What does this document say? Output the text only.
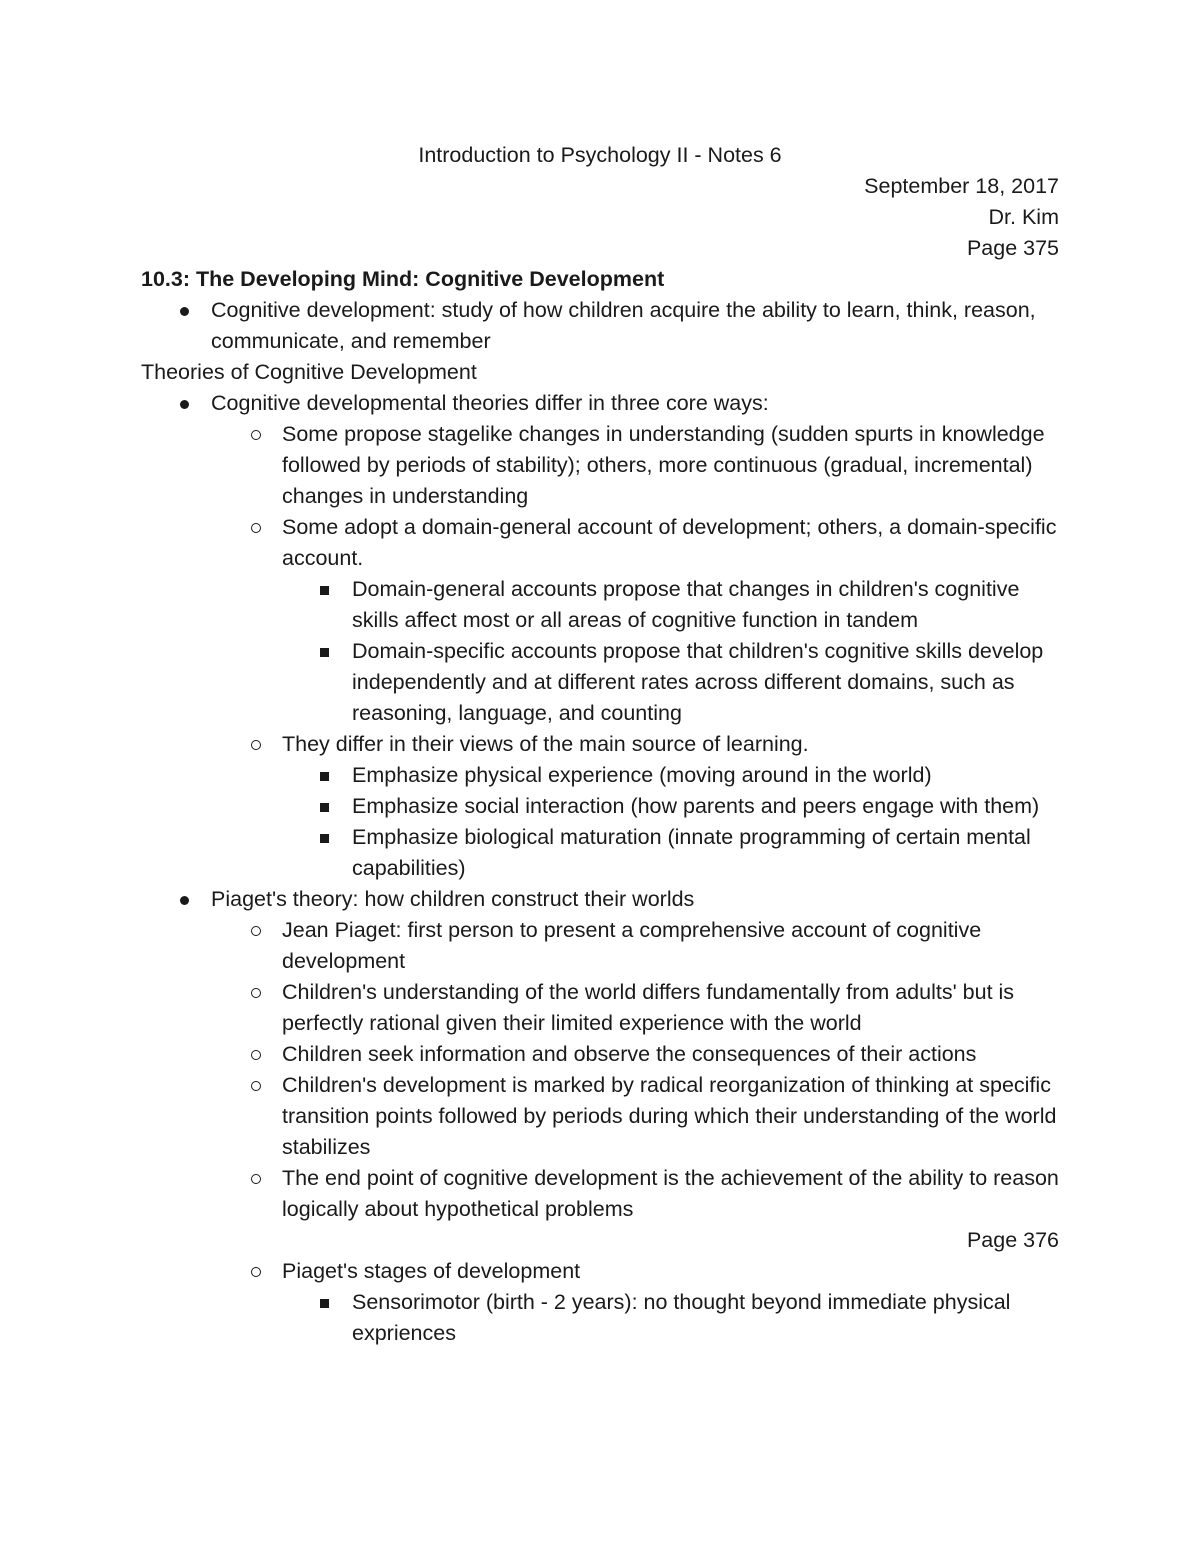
Introduction to Psychology II - Notes 6

September 18, 2017

Dr. Kim

Page 375

10.3: The Developing Mind: Cognitive Development

Cognitive development: study of how children acquire the ability to learn, think, reason, communicate, and remember

Theories of Cognitive Development

Cognitive developmental theories differ in three core ways:
Some propose stagelike changes in understanding (sudden spurts in knowledge followed by periods of stability); others, more continuous (gradual, incremental) changes in understanding
Some adopt a domain-general account of development; others, a domain-specific account.
Domain-general accounts propose that changes in children's cognitive skills affect most or all areas of cognitive function in tandem
Domain-specific accounts propose that children's cognitive skills develop independently and at different rates across different domains, such as reasoning, language, and counting
They differ in their views of the main source of learning.
Emphasize physical experience (moving around in the world)
Emphasize social interaction (how parents and peers engage with them)
Emphasize biological maturation (innate programming of certain mental capabilities)
Piaget's theory: how children construct their worlds
Jean Piaget: first person to present a comprehensive account of cognitive development
Children's understanding of the world differs fundamentally from adults' but is perfectly rational given their limited experience with the world
Children seek information and observe the consequences of their actions
Children's development is marked by radical reorganization of thinking at specific transition points followed by periods during which their understanding of the world stabilizes
The end point of cognitive development is the achievement of the ability to reason logically about hypothetical problems

Page 376

Piaget's stages of development
Sensorimotor (birth - 2 years): no thought beyond immediate physical expriences
